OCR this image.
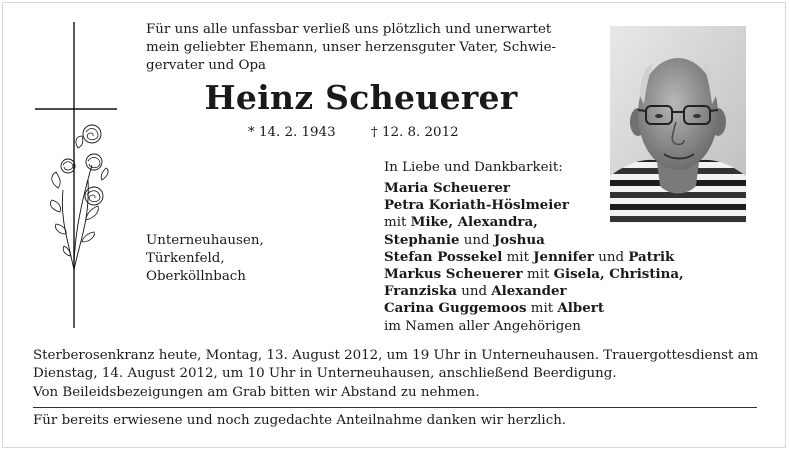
Für uns alle unfassbar verließ uns plötzlich und unerwartet
mein geliebter Ehemann, unser herzensguter Vater, Schwie-
gervater und Opa
Heinz Scheuerer
* 14. 2. 1943	† 12. 8. 2012
In Liebe und Dankbarkeit:
Maria Scheuerer
Petra Koriath-Höslmeier
mit Mike, Alexandra,
Stephanie und Joshua
Stefan Possekel mit Jennifer und Patrik
Markus Scheuerer mit Gisela, Christina,
Franziska und Alexander
Carina Guggemoos mit Albert
im Namen aller Angehörigen
Unterneuhausen,
Türkenfeld,
Oberköllnbach
Sterberosenkranz heute, Montag, 13. August 2012, um 19 Uhr in Unterneuhausen. Trauergottesdienst am
Dienstag, 14. August 2012, um 10 Uhr in Unterneuhausen, anschließend Beerdigung.
Von Beileidsbezeigungen am Grab bitten wir Abstand zu nehmen.
Für bereits erwiesene und noch zugedachte Anteilnahme danken wir herzlich.
